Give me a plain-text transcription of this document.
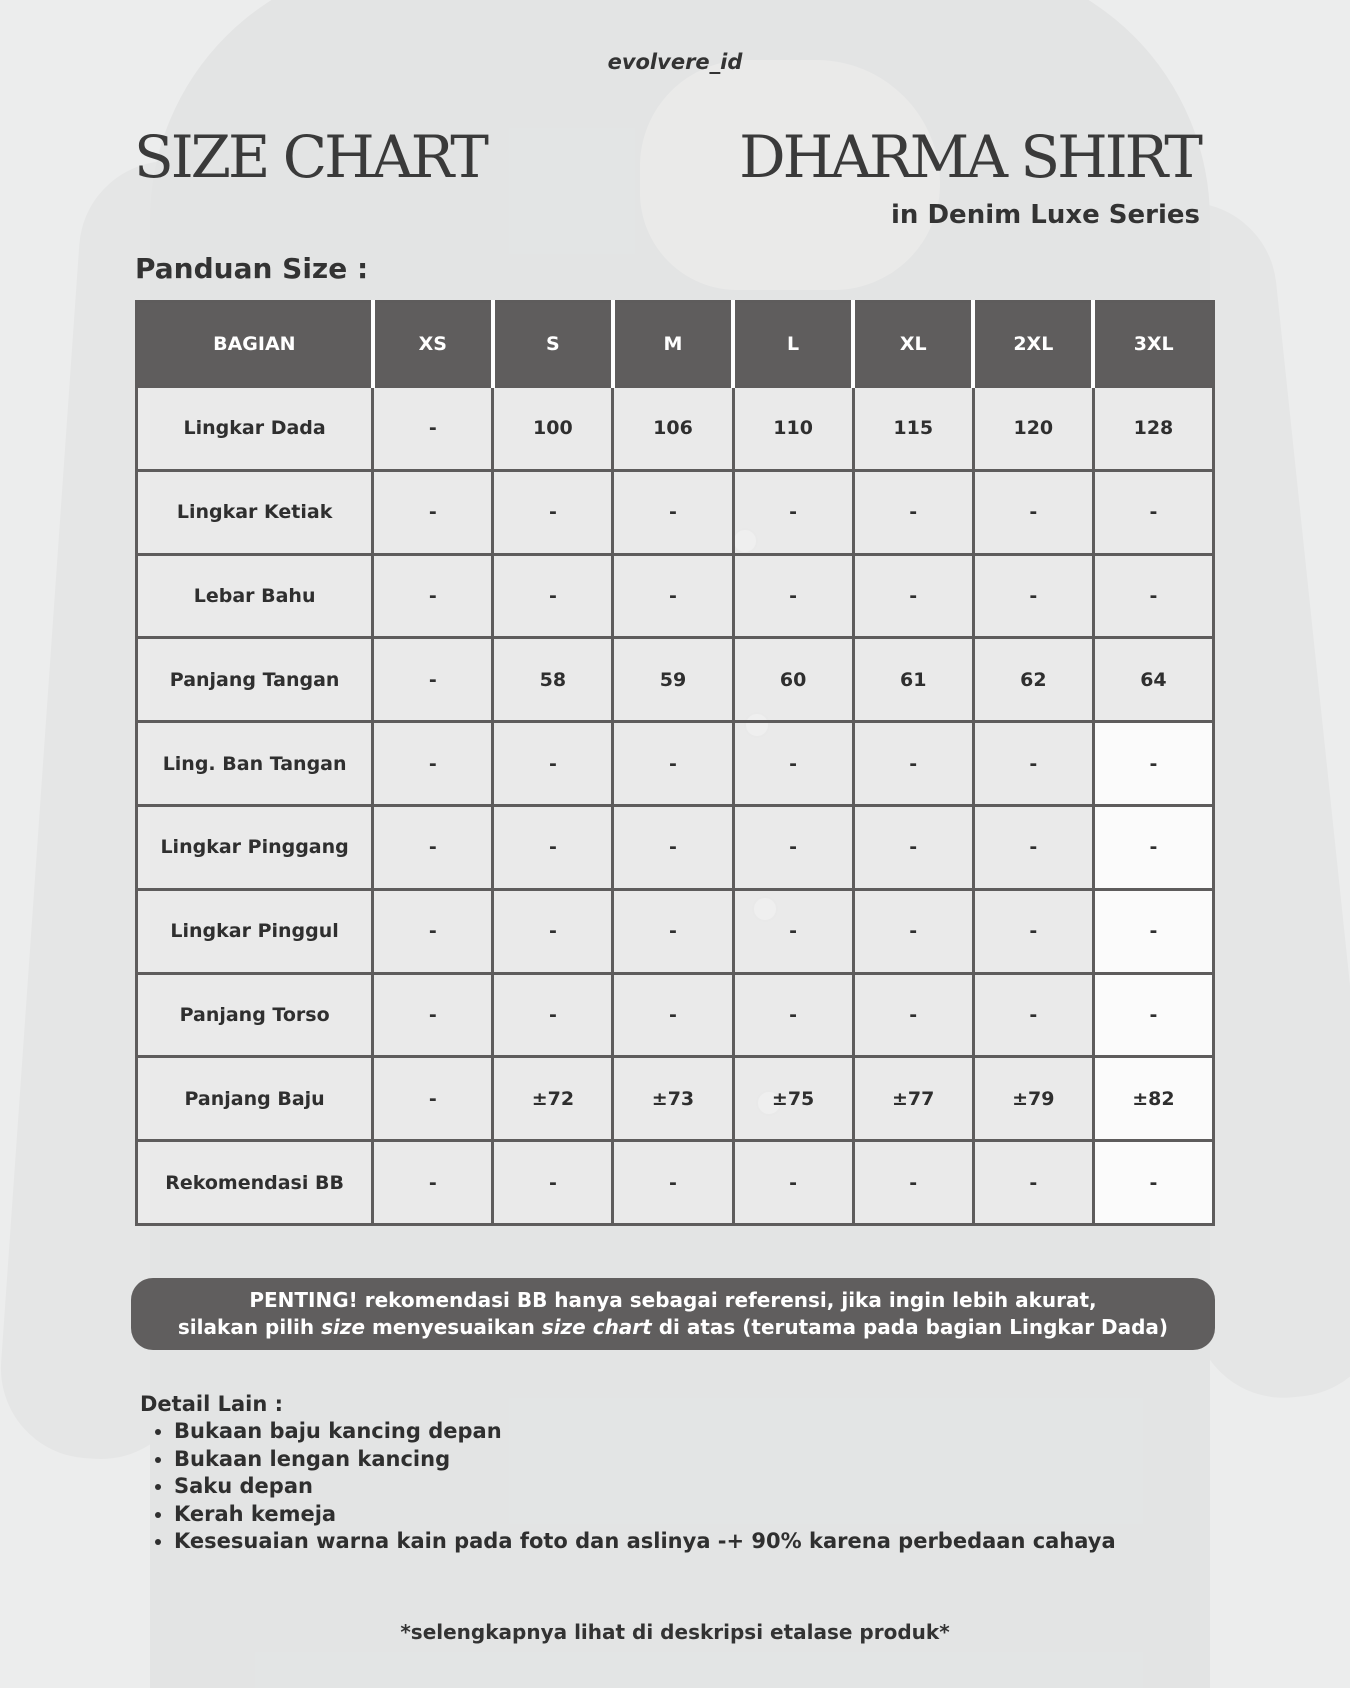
evolvere_id
SIZE CHART	DHARMA SHIRT
in Denim Luxe Series
Panduan Size :
BAGIAN	XS	S	M	L	XL	2XL	3XL
Lingkar Dada	-	100	106	110	115	120	128
Lingkar Ketiak	-	-	-	-	-	-	-
Lebar Bahu	-	-	-	-	-	-	-
Panjang Tangan	-	58	59	60	61	62	64
Ling. Ban Tangan	-	-	-	-	-	-	-
Lingkar Pinggang	-	-	-	-	-	-	-
Lingkar Pinggul	-	-	-	-	-	-	-
Panjang Torso	-	-	-	-	-	-	-
Panjang Baju	-	±72	±73	±75	±77	±79	±82
Rekomendasi BB	-	-	-	-	-	-	-
PENTING! rekomendasi BB hanya sebagai referensi, jika ingin lebih akurat,
silakan pilih size menyesuaikan size chart di atas (terutama pada bagian Lingkar Dada)
Detail Lain :
• Bukaan baju kancing depan
• Bukaan lengan kancing
• Saku depan
• Kerah kemeja
• Kesesuaian warna kain pada foto dan aslinya -+ 90% karena perbedaan cahaya
*selengkapnya lihat di deskripsi etalase produk*
